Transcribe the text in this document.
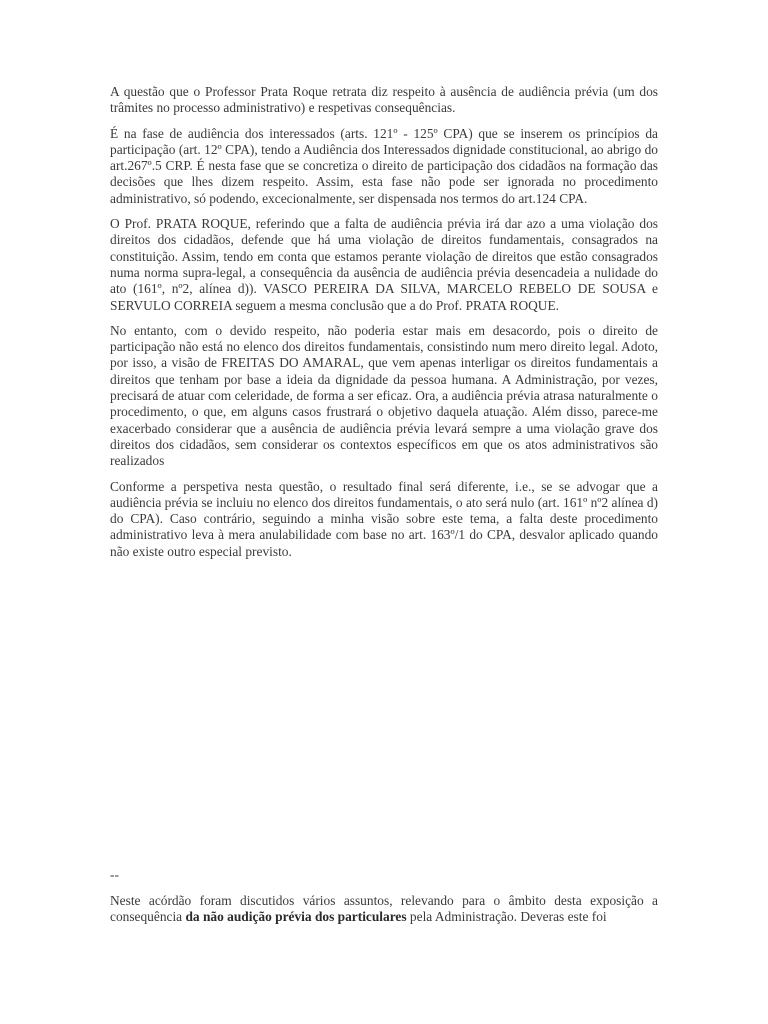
A questão que o Professor Prata Roque retrata diz respeito à ausência de audiência prévia (um dos trâmites no processo administrativo) e respetivas consequências.

É na fase de audiência dos interessados (arts. 121º - 125º CPA) que se inserem os princípios da participação (art. 12º CPA), tendo a Audiência dos Interessados dignidade constitucional, ao abrigo do art.267º.5 CRP. É nesta fase que se concretiza o direito de participação dos cidadãos na formação das decisões que lhes dizem respeito. Assim, esta fase não pode ser ignorada no procedimento administrativo, só podendo, excecionalmente, ser dispensada nos termos do art.124 CPA.

O Prof. PRATA ROQUE, referindo que a falta de audiência prévia irá dar azo a uma violação dos direitos dos cidadãos, defende que há uma violação de direitos fundamentais, consagrados na constituição. Assim, tendo em conta que estamos perante violação de direitos que estão consagrados numa norma supra-legal, a consequência da ausência de audiência prévia desencadeia a nulidade do ato (161º, nº2, alínea d)). VASCO PEREIRA DA SILVA, MARCELO REBELO DE SOUSA e SERVULO CORREIA seguem a mesma conclusão que a do Prof. PRATA ROQUE.

No entanto, com o devido respeito, não poderia estar mais em desacordo, pois o direito de participação não está no elenco dos direitos fundamentais, consistindo num mero direito legal. Adoto, por isso, a visão de FREITAS DO AMARAL, que vem apenas interligar os direitos fundamentais a direitos que tenham por base a ideia da dignidade da pessoa humana. A Administração, por vezes, precisará de atuar com celeridade, de forma a ser eficaz. Ora, a audiência prévia atrasa naturalmente o procedimento, o que, em alguns casos frustrará o objetivo daquela atuação. Além disso, parece-me exacerbado considerar que a ausência de audiência prévia levará sempre a uma violação grave dos direitos dos cidadãos, sem considerar os contextos específicos em que os atos administrativos são realizados

Conforme a perspetiva nesta questão, o resultado final será diferente, i.e., se se advogar que a audiência prévia se incluiu no elenco dos direitos fundamentais, o ato será nulo (art. 161º nº2 alínea d) do CPA). Caso contrário, seguindo a minha visão sobre este tema, a falta deste procedimento administrativo leva à mera anulabilidade com base no art. 163º/1 do CPA, desvalor aplicado quando não existe outro especial previsto.

--

Neste acórdão foram discutidos vários assuntos, relevando para o âmbito desta exposição a consequência da não audição prévia dos particulares pela Administração. Deveras este foi
